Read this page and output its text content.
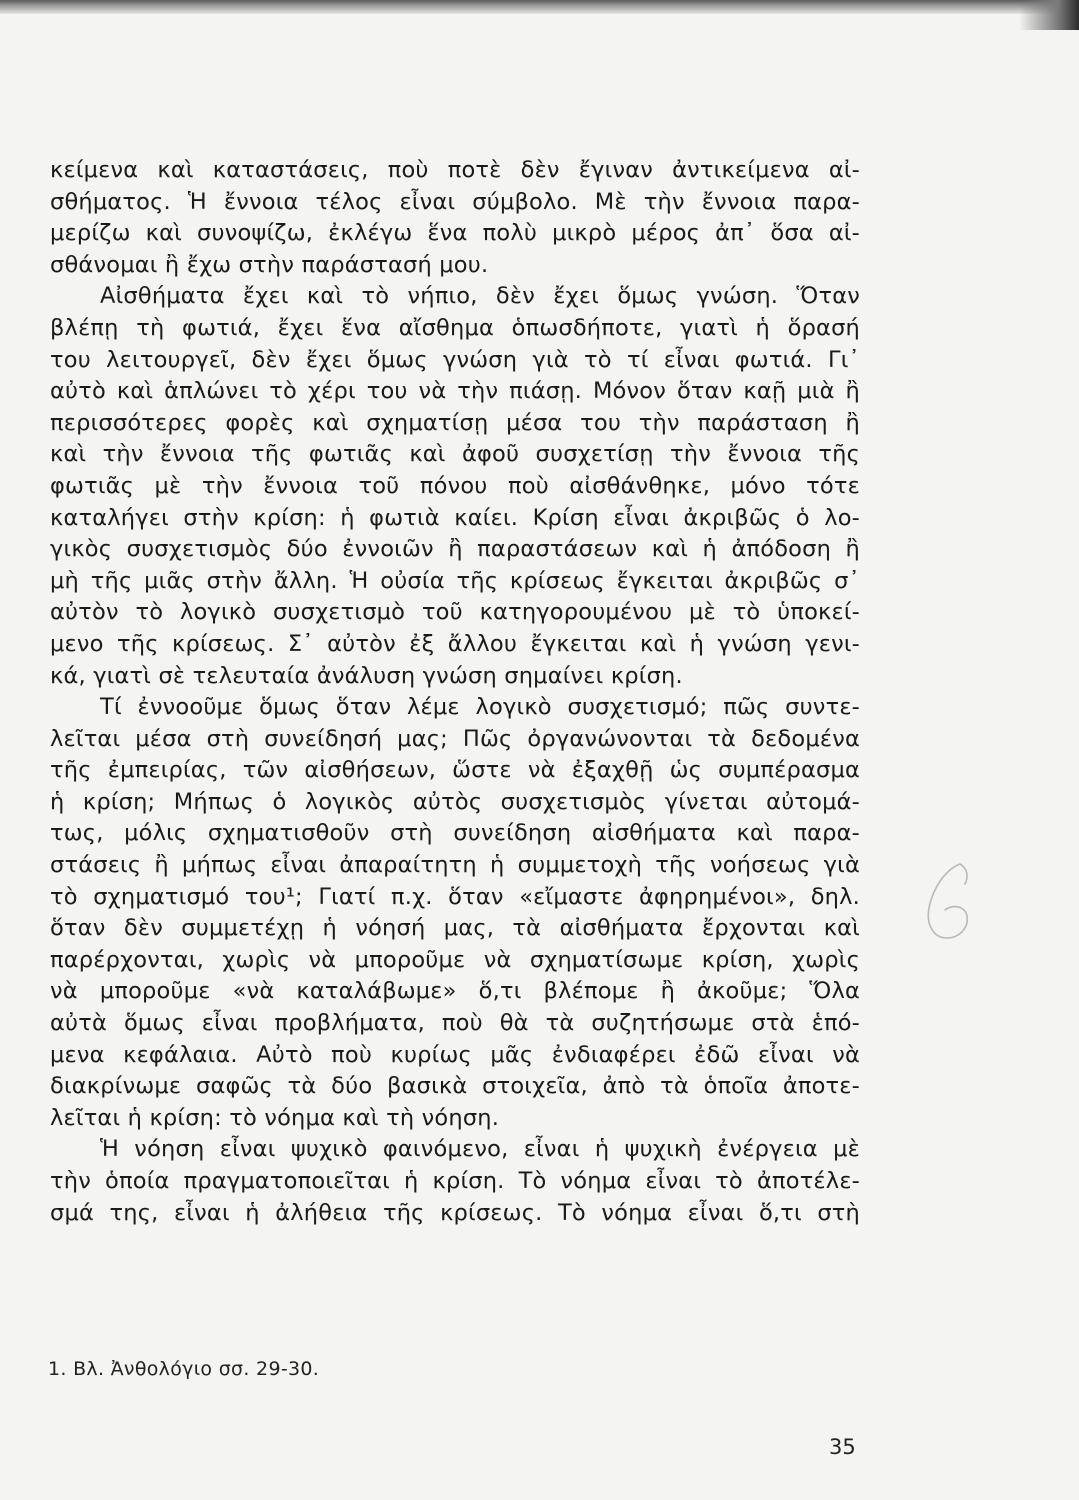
κείμενα καὶ καταστάσεις, ποὺ ποτὲ δὲν ἔγιναν ἀντικείμενα αἰ-
σθήματος. Ἡ ἔννοια τέλος εἶναι σύμβολο. Μὲ τὴν ἔννοια παρα-
μερίζω καὶ συνοψίζω, ἐκλέγω ἕνα πολὺ μικρὸ μέρος ἀπ᾽ ὅσα αἰ-
σθάνομαι ἢ ἔχω στὴν παράστασή μου.
Αἰσθήματα ἔχει καὶ τὸ νήπιο, δὲν ἔχει ὅμως γνώση. Ὅταν
βλέπῃ τὴ φωτιά, ἔχει ἕνα αἴσθημα ὁπωσδήποτε, γιατὶ ἡ ὅρασή
του λειτουργεῖ, δὲν ἔχει ὅμως γνώση γιὰ τὸ τί εἶναι φωτιά. Γι᾽
αὐτὸ καὶ ἁπλώνει τὸ χέρι του νὰ τὴν πιάσῃ. Μόνον ὅταν καῇ μιὰ ἢ
περισσότερες φορὲς καὶ σχηματίσῃ μέσα του τὴν παράσταση ἢ
καὶ τὴν ἔννοια τῆς φωτιᾶς καὶ ἀφοῦ συσχετίσῃ τὴν ἔννοια τῆς
φωτιᾶς μὲ τὴν ἔννοια τοῦ πόνου ποὺ αἰσθάνθηκε, μόνο τότε
καταλήγει στὴν κρίση: ἡ φωτιὰ καίει. Κρίση εἶναι ἀκριβῶς ὁ λο-
γικὸς συσχετισμὸς δύο ἐννοιῶν ἢ παραστάσεων καὶ ἡ ἀπόδοση ἢ
μὴ τῆς μιᾶς στὴν ἄλλη. Ἡ οὐσία τῆς κρίσεως ἔγκειται ἀκριβῶς σ᾽
αὐτὸν τὸ λογικὸ συσχετισμὸ τοῦ κατηγορουμένου μὲ τὸ ὑποκεί-
μενο τῆς κρίσεως. Σ᾽ αὐτὸν ἐξ ἄλλου ἔγκειται καὶ ἡ γνώση γενι-
κά, γιατὶ σὲ τελευταία ἀνάλυση γνώση σημαίνει κρίση.
Τί ἐννοοῦμε ὅμως ὅταν λέμε λογικὸ συσχετισμό; πῶς συντε-
λεῖται μέσα στὴ συνείδησή μας; Πῶς ὀργανώνονται τὰ δεδομένα
τῆς ἐμπειρίας, τῶν αἰσθήσεων, ὥστε νὰ ἐξαχθῇ ὡς συμπέρασμα
ἡ κρίση; Μήπως ὁ λογικὸς αὐτὸς συσχετισμὸς γίνεται αὐτομά-
τως, μόλις σχηματισθοῦν στὴ συνείδηση αἰσθήματα καὶ παρα-
στάσεις ἢ μήπως εἶναι ἀπαραίτητη ἡ συμμετοχὴ τῆς νοήσεως γιὰ
τὸ σχηματισμό του¹; Γιατί π.χ. ὅταν «εἴμαστε ἀφηρημένοι», δηλ.
ὅταν δὲν συμμετέχῃ ἡ νόησή μας, τὰ αἰσθήματα ἔρχονται καὶ
παρέρχονται, χωρὶς νὰ μποροῦμε νὰ σχηματίσωμε κρίση, χωρὶς
νὰ μποροῦμε «νὰ καταλάβωμε» ὅ,τι βλέπομε ἢ ἀκοῦμε; Ὅλα
αὐτὰ ὅμως εἶναι προβλήματα, ποὺ θὰ τὰ συζητήσωμε στὰ ἑπό-
μενα κεφάλαια. Αὐτὸ ποὺ κυρίως μᾶς ἐνδιαφέρει ἐδῶ εἶναι νὰ
διακρίνωμε σαφῶς τὰ δύο βασικὰ στοιχεῖα, ἀπὸ τὰ ὁποῖα ἀποτε-
λεῖται ἡ κρίση: τὸ νόημα καὶ τὴ νόηση.
Ἡ νόηση εἶναι ψυχικὸ φαινόμενο, εἶναι ἡ ψυχικὴ ἐνέργεια μὲ
τὴν ὁποία πραγματοποιεῖται ἡ κρίση. Τὸ νόημα εἶναι τὸ ἀποτέλε-
σμά της, εἶναι ἡ ἀλήθεια τῆς κρίσεως. Τὸ νόημα εἶναι ὅ,τι στὴ
1. Βλ. Ἀνθολόγιο σσ. 29-30.
35
